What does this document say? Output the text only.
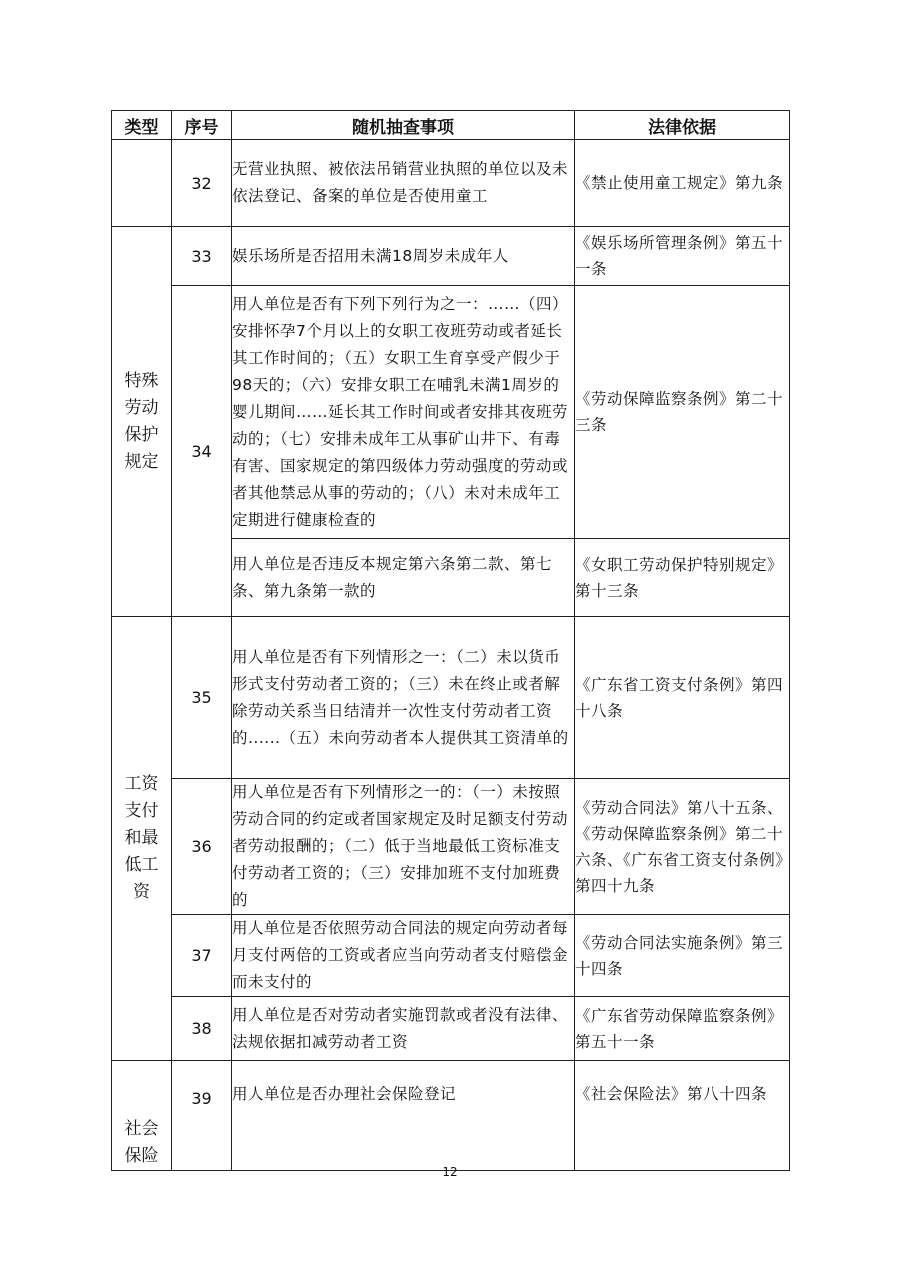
类型	序号	随机抽查事项	法律依据
	32	无营业执照、被依法吊销营业执照的单位以及未依法登记、备案的单位是否使用童工	《禁止使用童工规定》第九条

特殊劳动保护规定	33	娱乐场所是否招用未满18周岁未成年人	《娱乐场所管理条例》第五十一条
	34	用人单位是否有下列下列行为之一：……（四）安排怀孕7个月以上的女职工夜班劳动或者延长其工作时间的；（五）女职工生育享受产假少于98天的；（六）安排女职工在哺乳未满1周岁的婴儿期间……延长其工作时间或者安排其夜班劳动的；（七）安排未成年工从事矿山井下、有毒有害、国家规定的第四级体力劳动强度的劳动或者其他禁忌从事的劳动的；（八）未对未成年工定期进行健康检查的	《劳动保障监察条例》第二十三条
		用人单位是否违反本规定第六条第二款、第七条、第九条第一款的	《女职工劳动保护特别规定》第十三条

工资支付和最低工资	35	用人单位是否有下列情形之一：（二）未以货币形式支付劳动者工资的；（三）未在终止或者解除劳动关系当日结清并一次性支付劳动者工资的......（五）未向劳动者本人提供其工资清单的	《广东省工资支付条例》第四十八条
	36	用人单位是否有下列情形之一的：（一）未按照劳动合同的约定或者国家规定及时足额支付劳动者劳动报酬的；（二）低于当地最低工资标准支付劳动者工资的；（三）安排加班不支付加班费的	《劳动合同法》第八十五条、《劳动保障监察条例》第二十六条、《广东省工资支付条例》第四十九条
	37	用人单位是否依照劳动合同法的规定向劳动者每月支付两倍的工资或者应当向劳动者支付赔偿金而未支付的	《劳动合同法实施条例》第三十四条
	38	用人单位是否对劳动者实施罚款或者没有法律、法规依据扣减劳动者工资	《广东省劳动保障监察条例》第五十一条

社会保险	39	用人单位是否办理社会保险登记	《社会保险法》第八十四条
12
